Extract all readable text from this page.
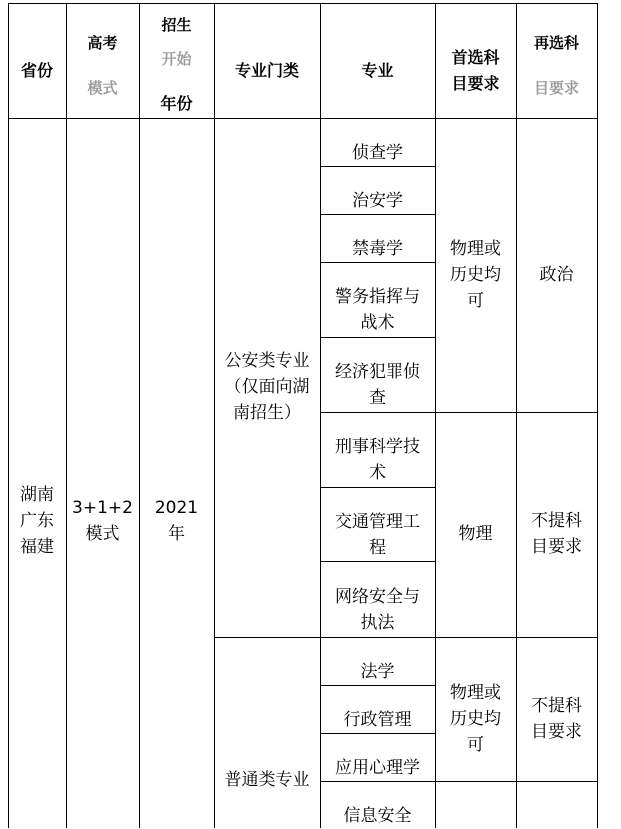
省份
高考
模式
招生
开始
年份
专业门类	专业
首选科
目要求
再选科
目要求
湖南
广东
福建
3+1+2
模式
2021
年
公安类专业
（仅面向湖
南招生）
普通类专业
侦查学
治安学
禁毒学
警务指挥与
战术
经济犯罪侦
查
刑事科学技
术
交通管理工
程
网络安全与
执法
法学
行政管理
应用心理学
信息安全
物理或
历史均
可
政治
物理
不提科
目要求
物理或
历史均
可
不提科
目要求
